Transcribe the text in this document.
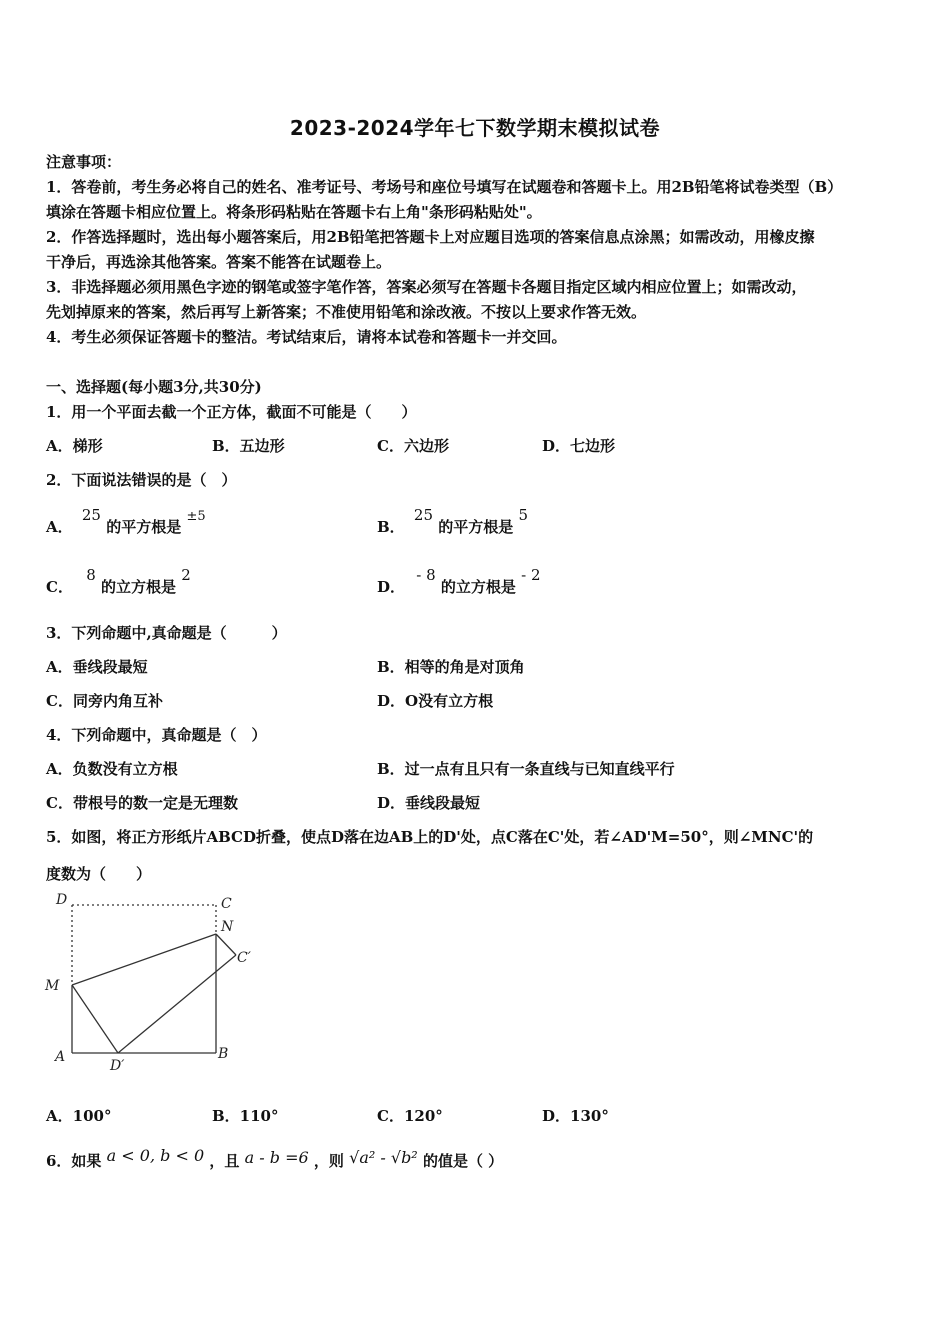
2023-2024学年七下数学期末模拟试卷
注意事项：
1．答卷前，考生务必将自己的姓名、准考证号、考场号和座位号填写在试题卷和答题卡上。用2B铅笔将试卷类型（B）
填涂在答题卡相应位置上。将条形码粘贴在答题卡右上角"条形码粘贴处"。
2．作答选择题时，选出每小题答案后，用2B铅笔把答题卡上对应题目选项的答案信息点涂黑；如需改动，用橡皮擦
干净后，再选涂其他答案。答案不能答在试题卷上。
3．非选择题必须用黑色字迹的钢笔或签字笔作答，答案必须写在答题卡各题目指定区域内相应位置上；如需改动，
先划掉原来的答案，然后再写上新答案；不准使用铅笔和涂改液。不按以上要求作答无效。
4．考生必须保证答题卡的整洁。考试结束后，请将本试卷和答题卡一并交回。
一、选择题(每小题3分,共30分)
1．用一个平面去截一个正方体，截面不可能是（　　）
A．梯形	B．五边形	C．六边形	D．七边形
2．下面说法错误的是（　）
A． 25 的平方根是 ±5
B． 25 的平方根是 5
C． 8 的立方根是 2
D． - 8 的立方根是 - 2
3．下列命题中,真命题是（　　　）
A．垂线段最短	B．相等的角是对顶角
C．同旁内角互补	D．O没有立方根
4．下列命题中，真命题是（　）
A．负数没有立方根	B．过一点有且只有一条直线与已知直线平行
C．带根号的数一定是无理数	D．垂线段最短
5．如图，将正方形纸片ABCD折叠，使点D落在边AB上的D'处，点C落在C'处，若∠AD'M=50°，则∠MNC'的
度数为（　　）
D	C
N
C′
M
A
D′
B
A．100°	B．110°	C．120°	D．130°
6．如果 a < 0, b < 0 ，且 a - b =6 ，则 √a² - √b² 的值是（ ）
